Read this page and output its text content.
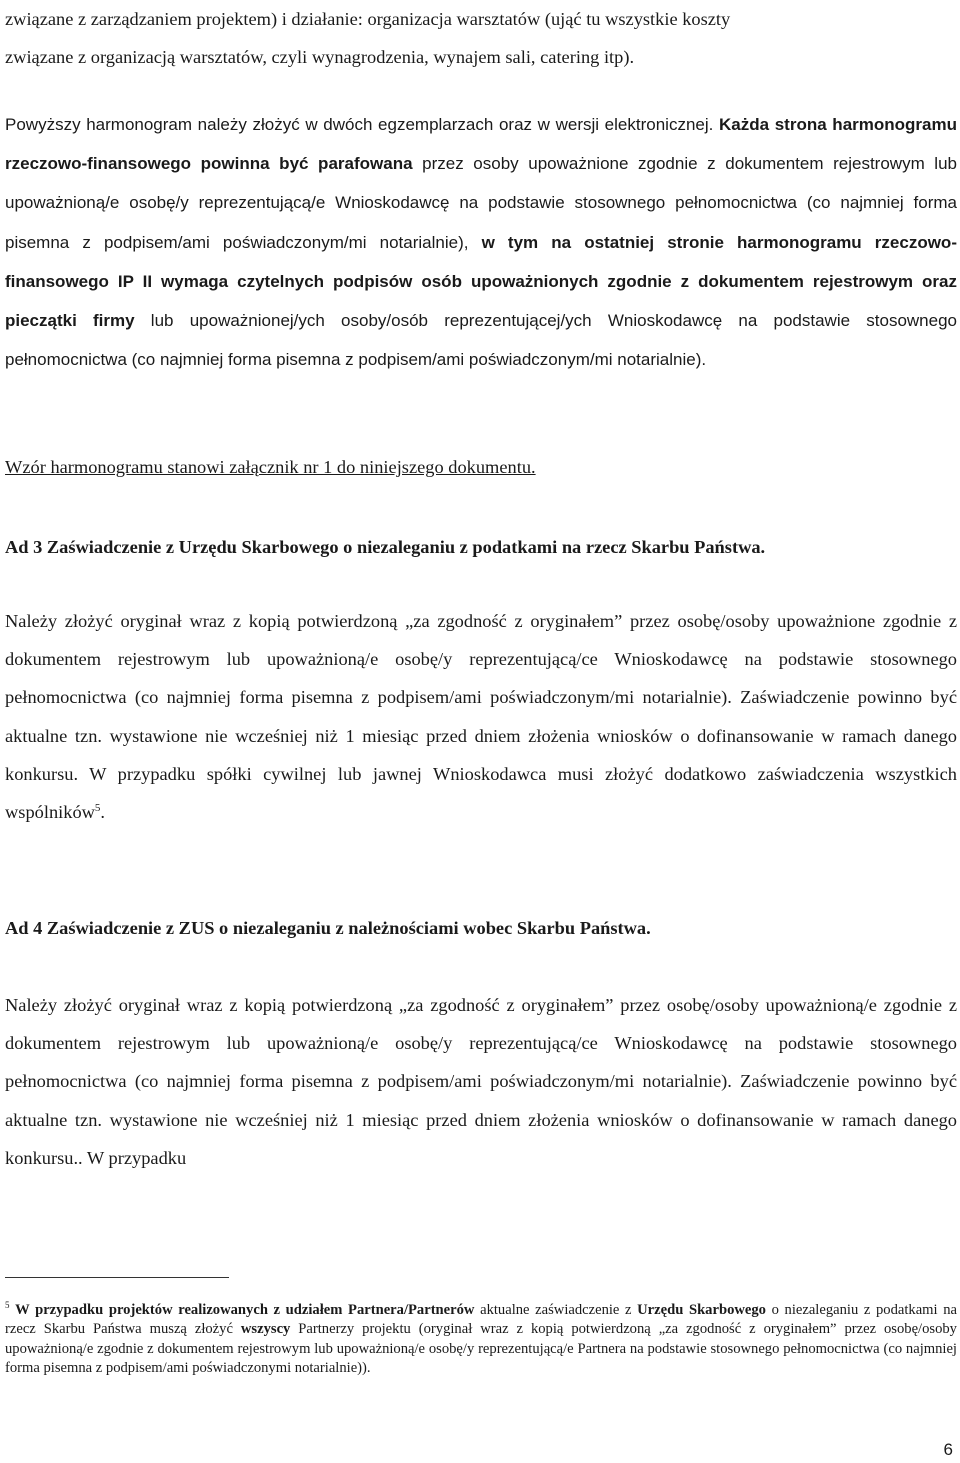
związane z zarządzaniem projektem) i działanie: organizacja warsztatów (ująć tu wszystkie koszty
związane z organizacją warsztatów, czyli wynagrodzenia, wynajem sali, catering itp).

Powyższy harmonogram należy złożyć w dwóch egzemplarzach oraz w wersji elektronicznej. Każda strona harmonogramu rzeczowo-finansowego powinna być parafowana przez osoby upoważnione zgodnie z dokumentem rejestrowym lub upoważnioną/e osobę/y reprezentującą/e Wnioskodawcę na podstawie stosownego pełnomocnictwa (co najmniej forma pisemna z podpisem/ami poświadczonym/mi notarialnie), w tym na ostatniej stronie harmonogramu rzeczowo-finansowego IP II wymaga czytelnych podpisów osób upoważnionych zgodnie z dokumentem rejestrowym oraz pieczątki firmy lub upoważnionej/ych osoby/osób reprezentującej/ych Wnioskodawcę na podstawie stosownego pełnomocnictwa (co najmniej forma pisemna z podpisem/ami poświadczonym/mi notarialnie).

Wzór harmonogramu stanowi załącznik nr 1 do niniejszego dokumentu.
Ad 3 Zaświadczenie z Urzędu Skarbowego o niezaleganiu z podatkami na rzecz Skarbu Państwa.

Należy złożyć oryginał wraz z kopią potwierdzoną „za zgodność z oryginałem” przez osobę/osoby upoważnione zgodnie z dokumentem rejestrowym lub upoważnioną/e osobę/y reprezentującą/ce Wnioskodawcę na podstawie stosownego pełnomocnictwa (co najmniej forma pisemna z podpisem/ami poświadczonym/mi notarialnie). Zaświadczenie powinno być aktualne tzn. wystawione nie wcześniej niż 1 miesiąc przed dniem złożenia wniosków o dofinansowanie w ramach danego konkursu. W przypadku spółki cywilnej lub jawnej Wnioskodawca musi złożyć dodatkowo zaświadczenia wszystkich wspólników$^5$.

Ad 4 Zaświadczenie z ZUS o niezaleganiu z należnościami wobec Skarbu Państwa.

Należy złożyć oryginał wraz z kopią potwierdzoną „za zgodność z oryginałem” przez osobę/osoby upoważnioną/e zgodnie z dokumentem rejestrowym lub upoważnioną/e osobę/y reprezentującą/ce Wnioskodawcę na podstawie stosownego pełnomocnictwa (co najmniej forma pisemna z podpisem/ami poświadczonym/mi notarialnie). Zaświadczenie powinno być aktualne tzn. wystawione nie wcześniej niż 1 miesiąc przed dniem złożenia wniosków o dofinansowanie w ramach danego konkursu.. W przypadku

$^5$ W przypadku projektów realizowanych z udziałem Partnera/Partnerów aktualne zaświadczenie z Urzędu Skarbowego o niezaleganiu z podatkami na rzecz Skarbu Państwa muszą złożyć wszyscy Partnerzy projektu (oryginał wraz z kopią potwierdzoną „za zgodność z oryginałem” przez osobę/osoby upoważnioną/e zgodnie z dokumentem rejestrowym lub upoważnioną/e osobę/y reprezentującą/e Partnera na podstawie stosownego pełnomocnictwa (co najmniej forma pisemna z podpisem/ami poświadczonymi notarialnie)).

6
